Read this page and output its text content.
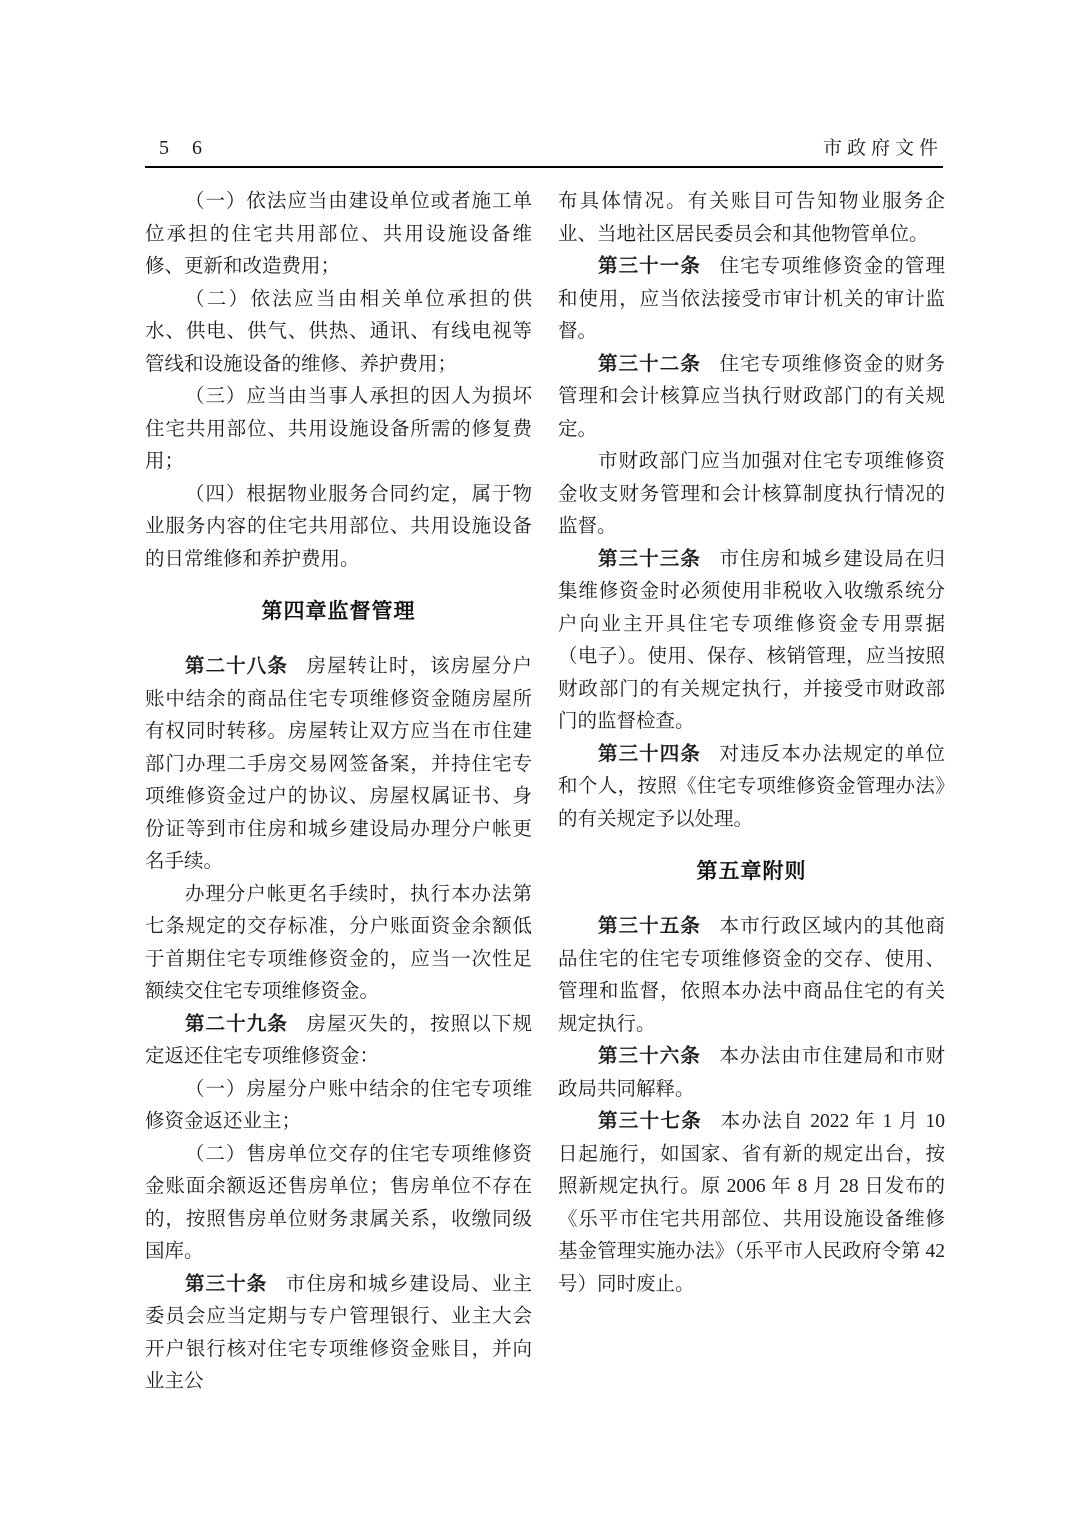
5 6	市政府文件

（一）依法应当由建设单位或者施工单位承担的住宅共用部位、共用设施设备维修、更新和改造费用；

（二）依法应当由相关单位承担的供水、供电、供气、供热、通讯、有线电视等管线和设施设备的维修、养护费用；

（三）应当由当事人承担的因人为损坏住宅共用部位、共用设施设备所需的修复费用；

（四）根据物业服务合同约定，属于物业服务内容的住宅共用部位、共用设施设备的日常维修和养护费用。

第四章监督管理

第二十八条 房屋转让时，该房屋分户账中结余的商品住宅专项维修资金随房屋所有权同时转移。房屋转让双方应当在市住建部门办理二手房交易网签备案，并持住宅专项维修资金过户的协议、房屋权属证书、身份证等到市住房和城乡建设局办理分户帐更名手续。

办理分户帐更名手续时，执行本办法第七条规定的交存标准，分户账面资金余额低于首期住宅专项维修资金的，应当一次性足额续交住宅专项维修资金。

第二十九条 房屋灭失的，按照以下规定返还住宅专项维修资金：

（一）房屋分户账中结余的住宅专项维修资金返还业主；

（二）售房单位交存的住宅专项维修资金账面余额返还售房单位；售房单位不存在的，按照售房单位财务隶属关系，收缴同级国库。

第三十条 市住房和城乡建设局、业主委员会应当定期与专户管理银行、业主大会开户银行核对住宅专项维修资金账目，并向业主公

布具体情况。有关账目可告知物业服务企业、当地社区居民委员会和其他物管单位。

第三十一条 住宅专项维修资金的管理和使用，应当依法接受市审计机关的审计监督。

第三十二条 住宅专项维修资金的财务管理和会计核算应当执行财政部门的有关规定。

市财政部门应当加强对住宅专项维修资金收支财务管理和会计核算制度执行情况的监督。

第三十三条 市住房和城乡建设局在归集维修资金时必须使用非税收入收缴系统分户向业主开具住宅专项维修资金专用票据（电子）。使用、保存、核销管理，应当按照财政部门的有关规定执行，并接受市财政部门的监督检查。

第三十四条 对违反本办法规定的单位和个人，按照《住宅专项维修资金管理办法》的有关规定予以处理。

第五章附则

第三十五条 本市行政区域内的其他商品住宅的住宅专项维修资金的交存、使用、管理和监督，依照本办法中商品住宅的有关规定执行。

第三十六条 本办法由市住建局和市财政局共同解释。

第三十七条 本办法自 2022 年 1 月 10 日起施行，如国家、省有新的规定出台，按照新规定执行。原 2006 年 8 月 28 日发布的《乐平市住宅共用部位、共用设施设备维修基金管理实施办法》（乐平市人民政府令第 42 号）同时废止。
